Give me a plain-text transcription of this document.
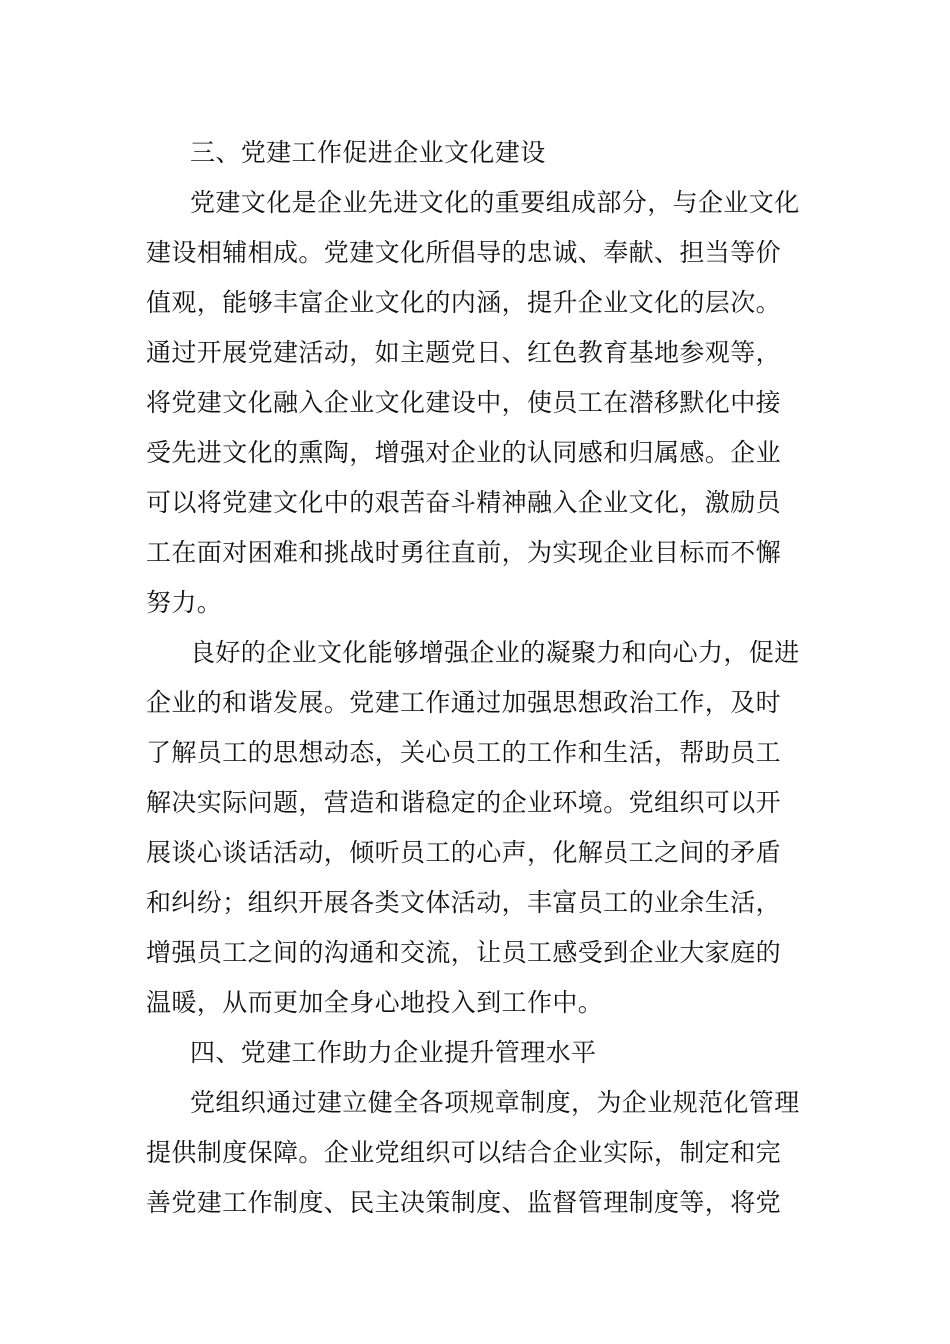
三、党建工作促进企业文化建设
党建文化是企业先进文化的重要组成部分，与企业文化
建设相辅相成。党建文化所倡导的忠诚、奉献、担当等价
值观，能够丰富企业文化的内涵，提升企业文化的层次。
通过开展党建活动，如主题党日、红色教育基地参观等，
将党建文化融入企业文化建设中，使员工在潜移默化中接
受先进文化的熏陶，增强对企业的认同感和归属感。企业
可以将党建文化中的艰苦奋斗精神融入企业文化，激励员
工在面对困难和挑战时勇往直前，为实现企业目标而不懈
努力。
良好的企业文化能够增强企业的凝聚力和向心力，促进
企业的和谐发展。党建工作通过加强思想政治工作，及时
了解员工的思想动态，关心员工的工作和生活，帮助员工
解决实际问题，营造和谐稳定的企业环境。党组织可以开
展谈心谈话活动，倾听员工的心声，化解员工之间的矛盾
和纠纷；组织开展各类文体活动，丰富员工的业余生活，
增强员工之间的沟通和交流，让员工感受到企业大家庭的
温暖，从而更加全身心地投入到工作中。
四、党建工作助力企业提升管理水平
党组织通过建立健全各项规章制度，为企业规范化管理
提供制度保障。企业党组织可以结合企业实际，制定和完
善党建工作制度、民主决策制度、监督管理制度等，将党
